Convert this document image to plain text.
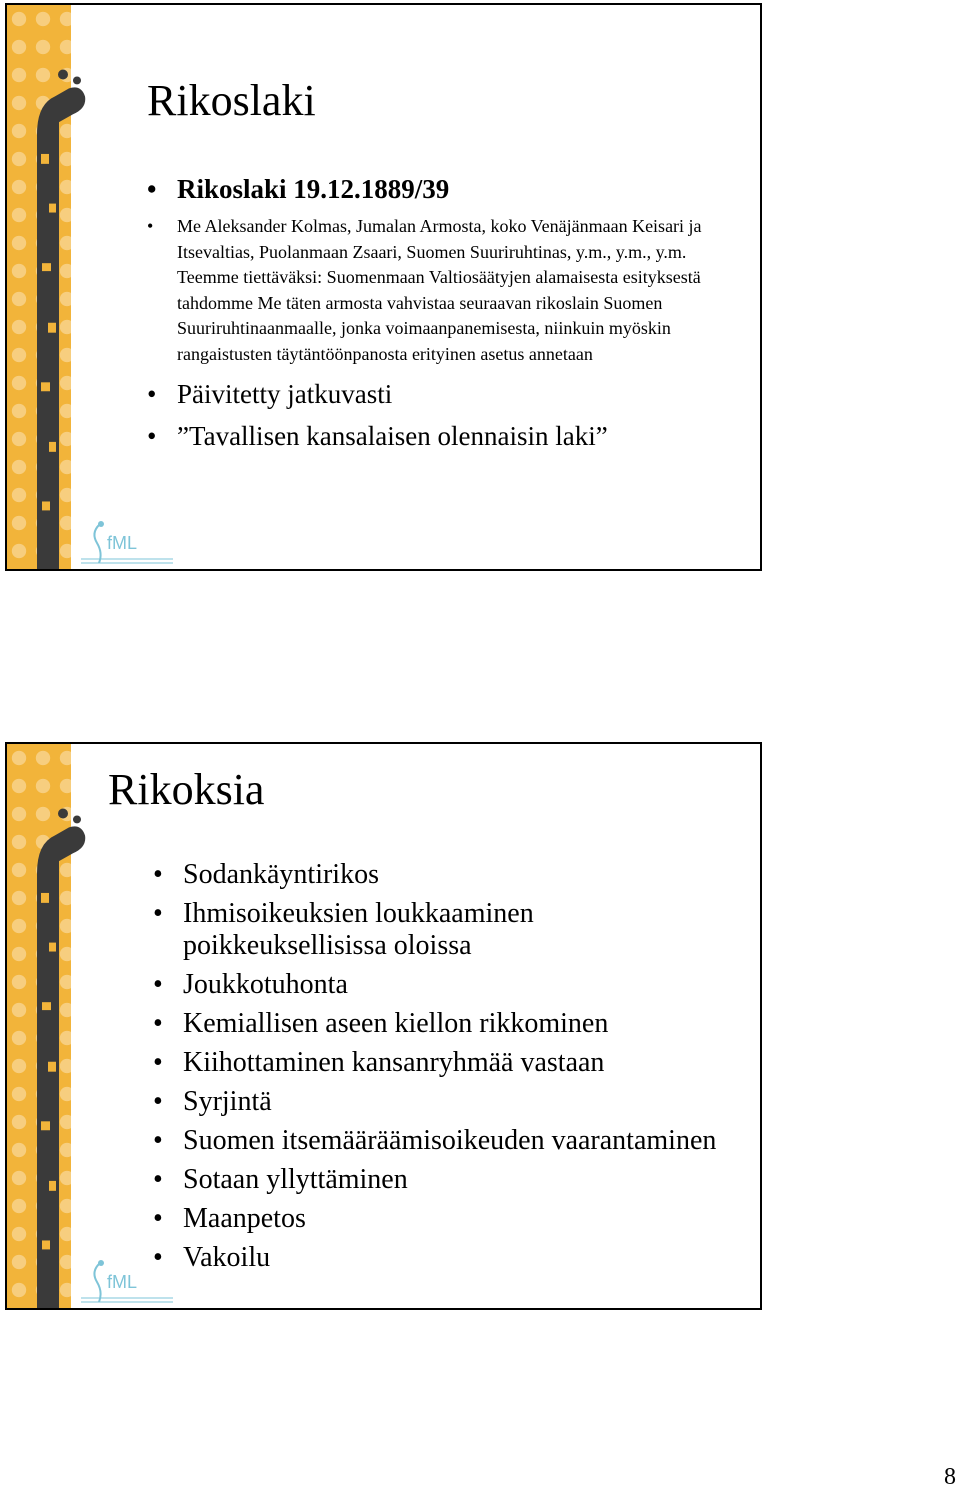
Rikoslaki
• Rikoslaki 19.12.1889/39
• Me Aleksander Kolmas, Jumalan Armosta, koko Venäjänmaan Keisari ja Itsevaltias, Puolanmaan Zsaari, Suomen Suuriruhtinas, y.m., y.m., y.m. Teemme tiettäväksi: Suomenmaan Valtiosäätyjen alamaisesta esityksestä tahdomme Me täten armosta vahvistaa seuraavan rikoslain Suomen Suuriruhtinaanmaalle, jonka voimaanpanemisesta, niinkuin myöskin rangaistusten täytäntöönpanosta erityinen asetus annetaan
• Päivitetty jatkuvasti
• ”Tavallisen kansalaisen olennaisin laki”
fML
Rikoksia
• Sodankäyntirikos
• Ihmisoikeuksien loukkaaminen poikkeuksellisissa oloissa
• Joukkotuhonta
• Kemiallisen aseen kiellon rikkominen
• Kiihottaminen kansanryhmää vastaan
• Syrjintä
• Suomen itsemääräämisoikeuden vaarantaminen
• Sotaan yllyttäminen
• Maanpetos
• Vakoilu
fML
8
